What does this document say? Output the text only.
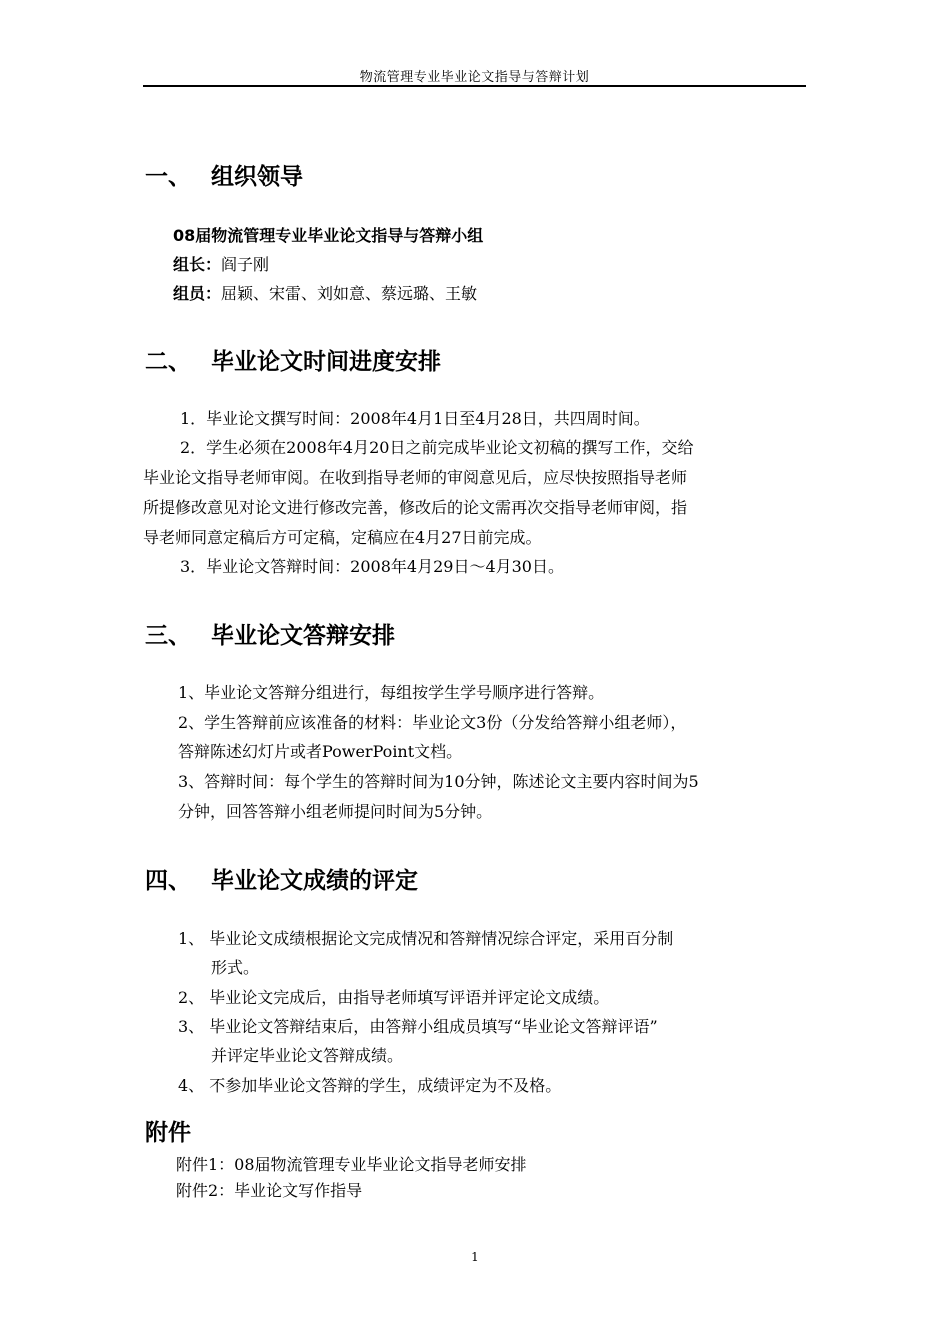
物流管理专业毕业论文指导与答辩计划
一、 组织领导
08届物流管理专业毕业论文指导与答辩小组
组长：阎子刚
组员：屈颖、宋雷、刘如意、蔡远璐、王敏
二、 毕业论文时间进度安排
1．毕业论文撰写时间：2008年4月1日至4月28日，共四周时间。
2．学生必须在2008年4月20日之前完成毕业论文初稿的撰写工作，交给
毕业论文指导老师审阅。在收到指导老师的审阅意见后，应尽快按照指导老师
所提修改意见对论文进行修改完善，修改后的论文需再次交指导老师审阅，指
导老师同意定稿后方可定稿，定稿应在4月27日前完成。
3．毕业论文答辩时间：2008年4月29日～4月30日。
三、 毕业论文答辩安排
1、毕业论文答辩分组进行，每组按学生学号顺序进行答辩。
2、学生答辩前应该准备的材料：毕业论文3份（分发给答辩小组老师），
答辩陈述幻灯片或者PowerPoint文档。
3、答辩时间：每个学生的答辩时间为10分钟，陈述论文主要内容时间为5
分钟，回答答辩小组老师提问时间为5分钟。
四、 毕业论文成绩的评定
1、 毕业论文成绩根据论文完成情况和答辩情况综合评定，采用百分制
形式。
2、 毕业论文完成后，由指导老师填写评语并评定论文成绩。
3、 毕业论文答辩结束后，由答辩小组成员填写“毕业论文答辩评语”
并评定毕业论文答辩成绩。
4、 不参加毕业论文答辩的学生，成绩评定为不及格。
附件
附件1：08届物流管理专业毕业论文指导老师安排
附件2：毕业论文写作指导
1
